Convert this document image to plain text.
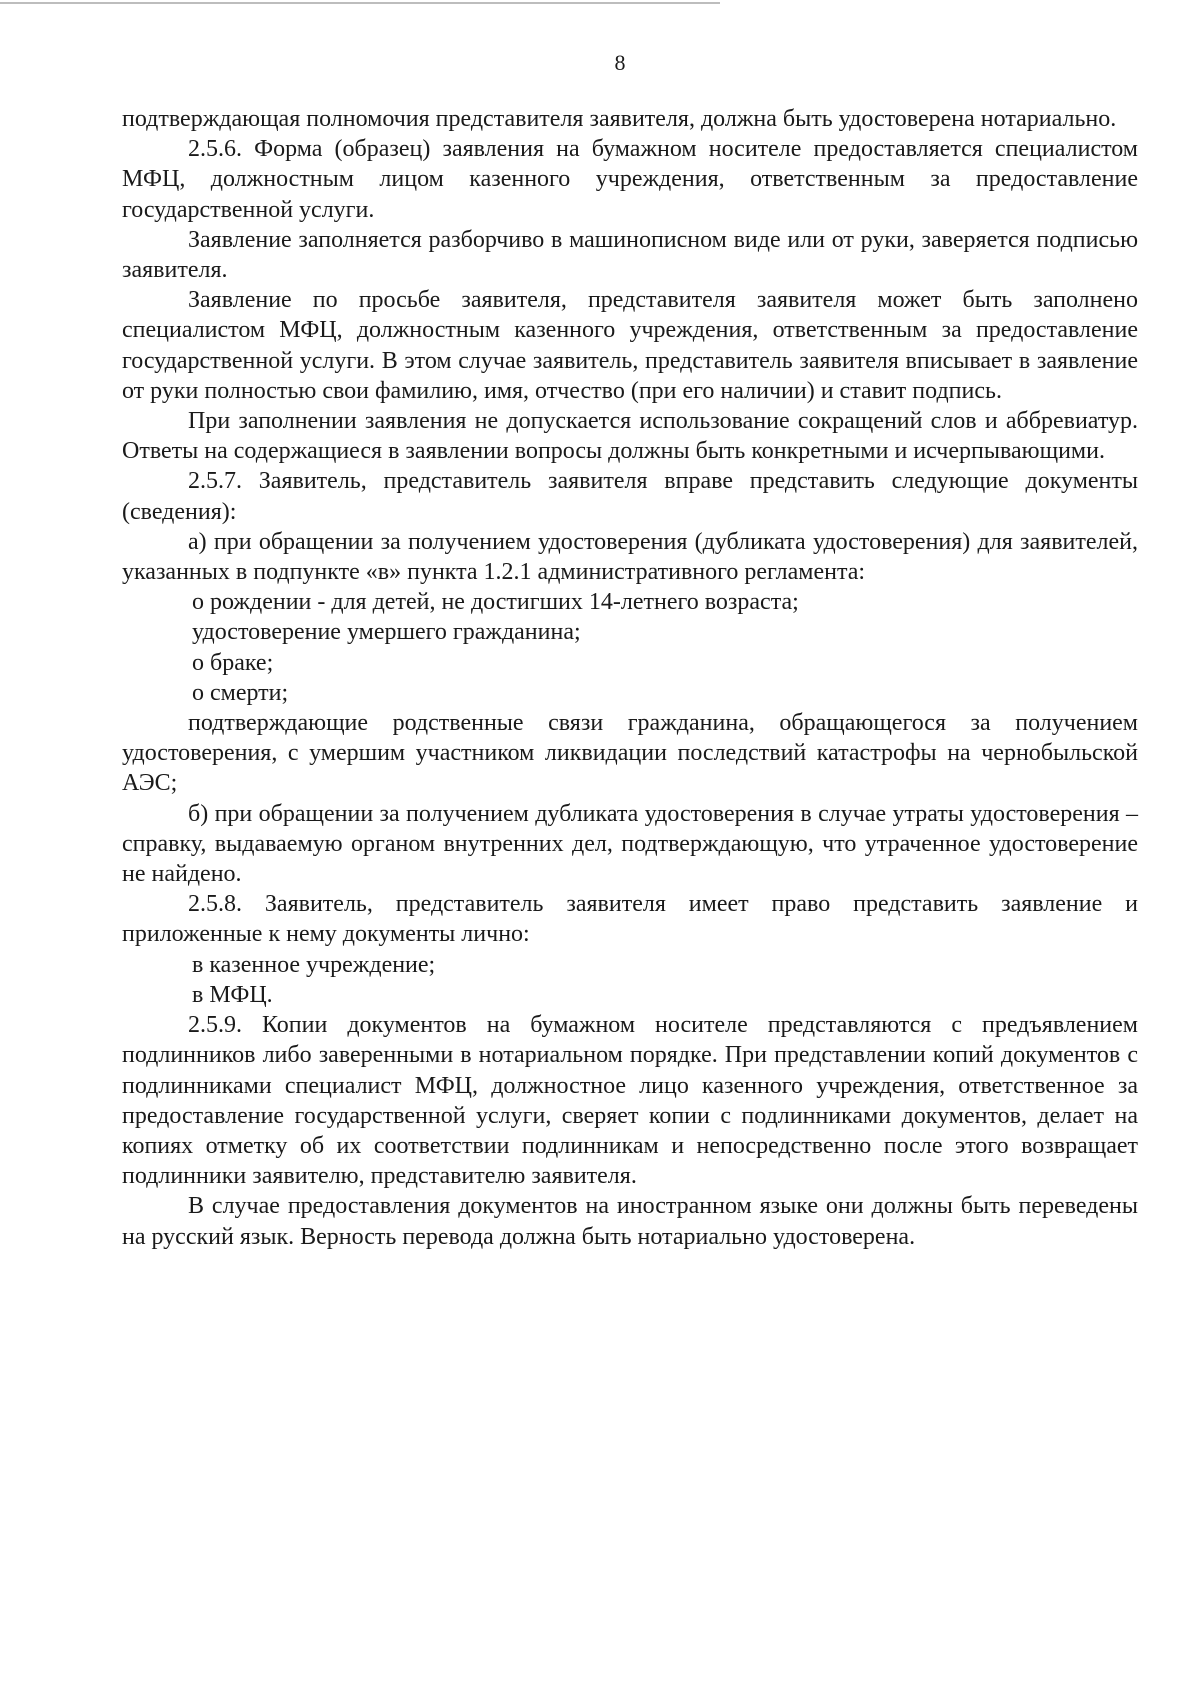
8

подтверждающая полномочия представителя заявителя, должна быть удостоверена нотариально.

2.5.6. Форма (образец) заявления на бумажном носителе предоставляется специалистом МФЦ, должностным лицом казенного учреждения, ответственным за предоставление государственной услуги.

Заявление заполняется разборчиво в машинописном виде или от руки, заверяется подписью заявителя.

Заявление по просьбе заявителя, представителя заявителя может быть заполнено специалистом МФЦ, должностным казенного учреждения, ответственным за предоставление государственной услуги. В этом случае заявитель, представитель заявителя вписывает в заявление от руки полностью свои фамилию, имя, отчество (при его наличии) и ставит подпись.

При заполнении заявления не допускается использование сокращений слов и аббревиатур. Ответы на содержащиеся в заявлении вопросы должны быть конкретными и исчерпывающими.

2.5.7. Заявитель, представитель заявителя вправе представить следующие документы (сведения):

а) при обращении за получением удостоверения (дубликата удостоверения) для заявителей, указанных в подпункте «в» пункта 1.2.1 административного регламента:

о рождении - для детей, не достигших 14-летнего возраста;

удостоверение умершего гражданина;

о браке;

о смерти;

подтверждающие родственные связи гражданина, обращающегося за получением удостоверения, с умершим участником ликвидации последствий катастрофы на чернобыльской АЭС;

б) при обращении за получением дубликата удостоверения в случае утраты удостоверения – справку, выдаваемую органом внутренних дел, подтверждающую, что утраченное удостоверение не найдено.

2.5.8. Заявитель, представитель заявителя имеет право представить заявление и приложенные к нему документы лично:

в казенное учреждение;

в МФЦ.

2.5.9. Копии документов на бумажном носителе представляются с предъявлением подлинников либо заверенными в нотариальном порядке. При представлении копий документов с подлинниками специалист МФЦ, должностное лицо казенного учреждения, ответственное за предоставление государственной услуги, сверяет копии с подлинниками документов, делает на копиях отметку об их соответствии подлинникам и непосредственно после этого возвращает подлинники заявителю, представителю заявителя.

В случае предоставления документов на иностранном языке они должны быть переведены на русский язык. Верность перевода должна быть нотариально удостоверена.
